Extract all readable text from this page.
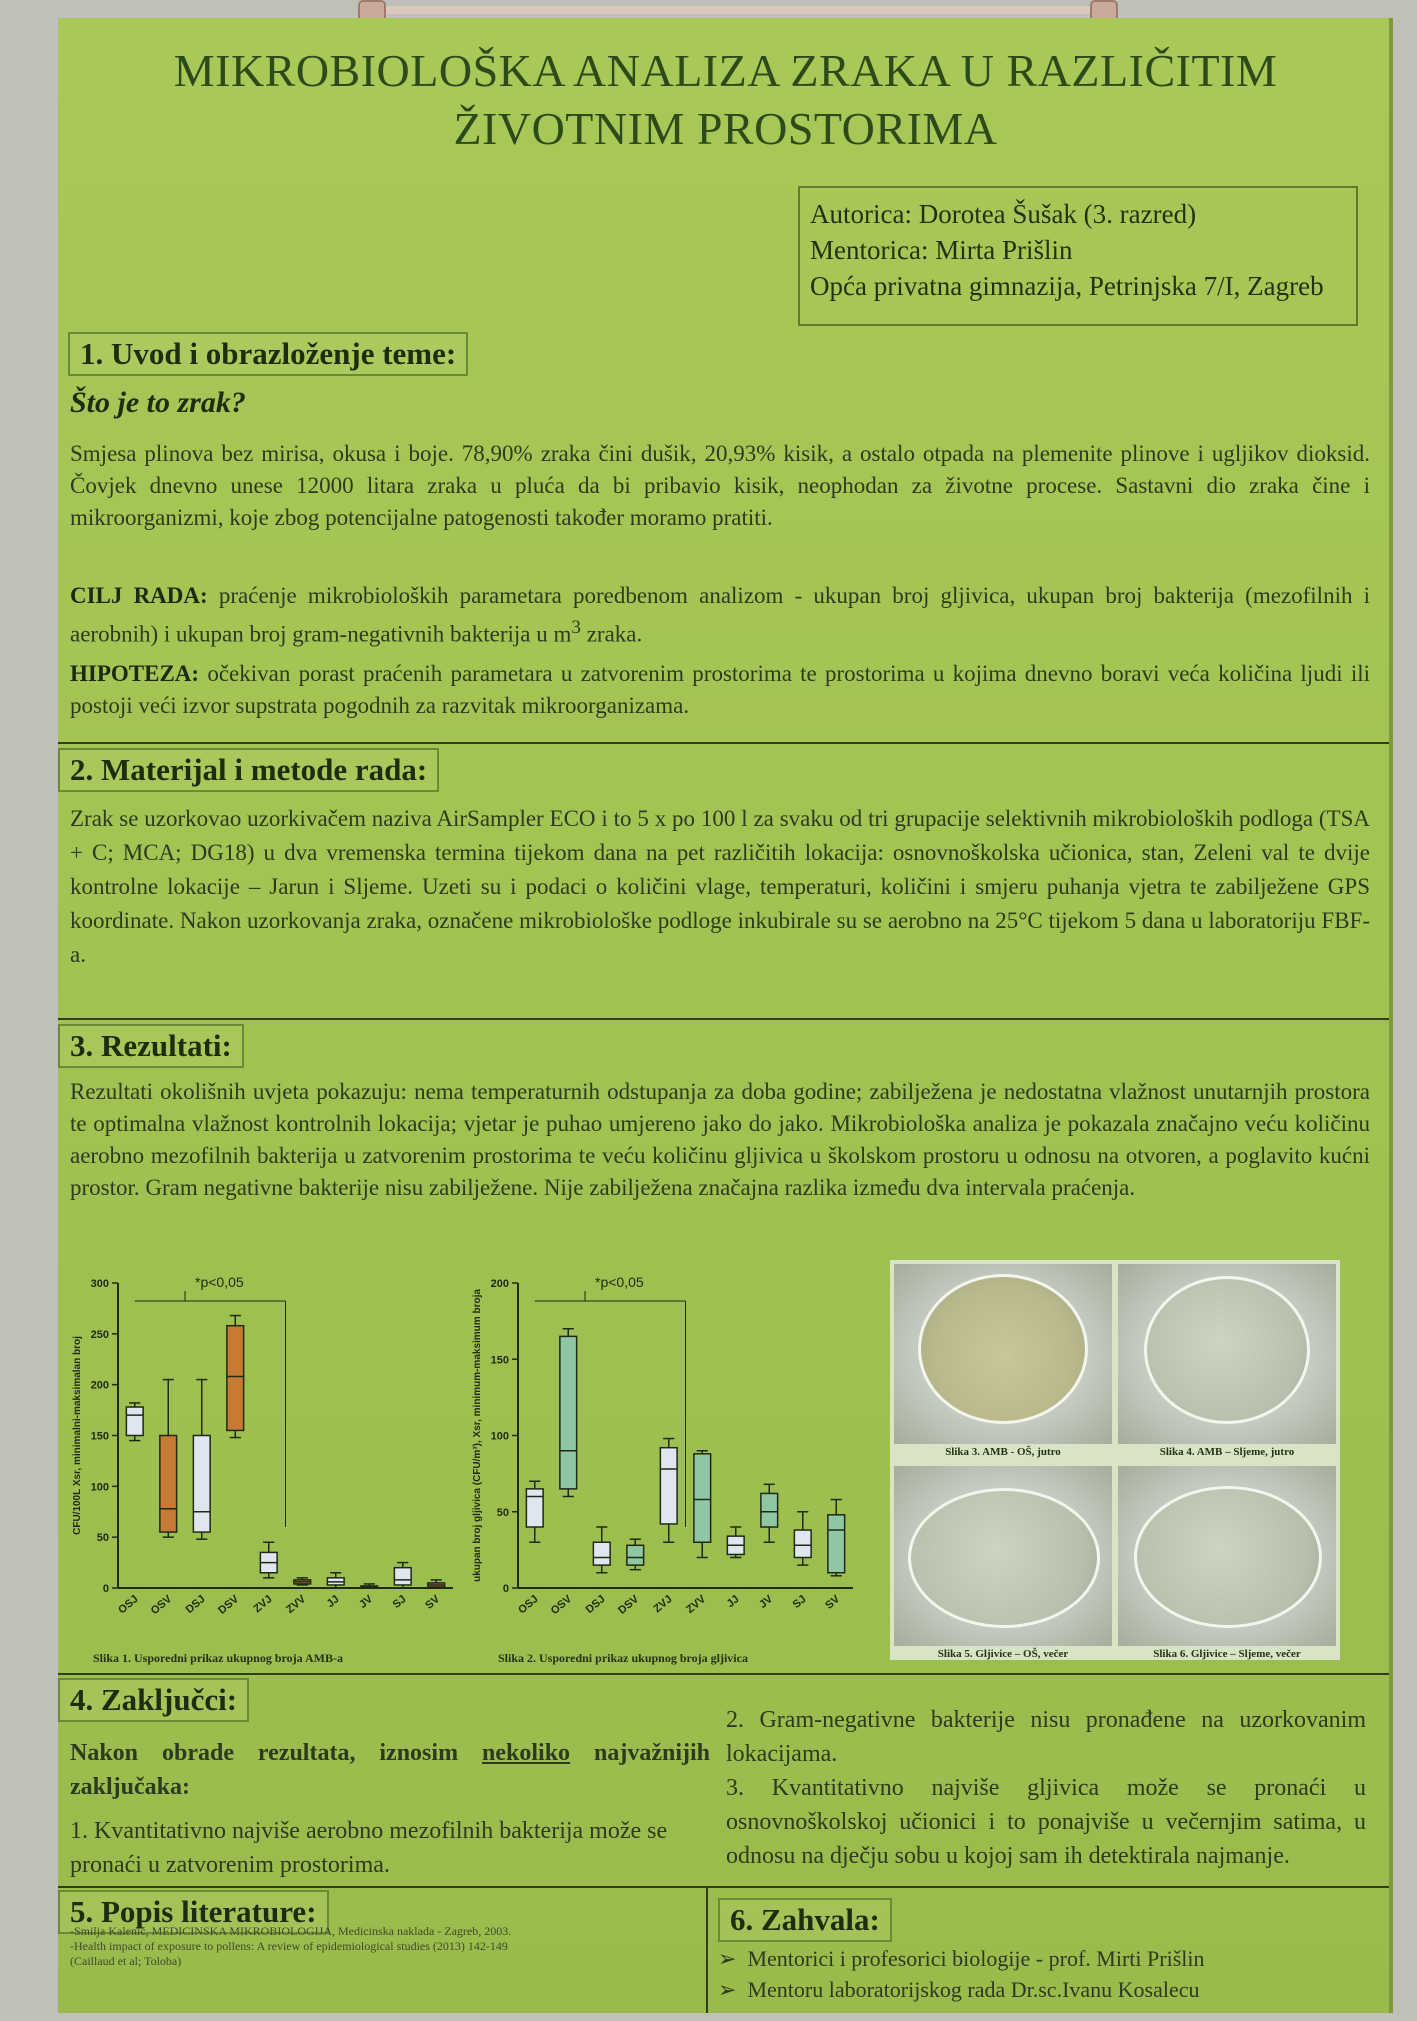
MIKROBIOLOŠKA ANALIZA ZRAKA U RAZLIČITIM
ŽIVOTNIM PROSTORIMA
Autorica: Dorotea Šušak (3. razred)
Mentorica: Mirta Prišlin
Opća privatna gimnazija, Petrinjska 7/I, Zagreb
1. Uvod i obrazloženje teme:
Što je to zrak?
Smjesa plinova bez mirisa, okusa i boje. 78,90% zraka čini dušik, 20,93% kisik, a ostalo otpada na plemenite plinove i ugljikov dioksid. Čovjek dnevno unese 12000 litara zraka u pluća da bi pribavio kisik, neophodan za životne procese. Sastavni dio zraka čine i mikroorganizmi, koje zbog potencijalne patogenosti također moramo pratiti.
CILJ RADA: praćenje mikrobioloških parametara poredbenom analizom - ukupan broj gljivica, ukupan broj bakterija (mezofilnih i aerobnih) i ukupan broj gram-negativnih bakterija u $m^3$ zraka.
HIPOTEZA: očekivan porast praćenih parametara u zatvorenim prostorima te prostorima u kojima dnevno boravi veća količina ljudi ili postoji veći izvor supstrata pogodnih za razvitak mikroorganizama.
2. Materijal i metode rada:
Zrak se uzorkovao uzorkivačem naziva AirSampler ECO i to 5 x po 100 l za svaku od tri grupacije selektivnih mikrobioloških podloga (TSA + C; MCA; DG18) u dva vremenska termina tijekom dana na pet različitih lokacija: osnovnoškolska učionica, stan, Zeleni val te dvije kontrolne lokacije – Jarun i Sljeme. Uzeti su i podaci o količini vlage, temperaturi, količini i smjeru puhanja vjetra te zabilježene GPS koordinate. Nakon uzorkovanja zraka, označene mikrobiološke podloge inkubirale su se aerobno na 25°C tijekom 5 dana u laboratoriju FBF-a.
3. Rezultati:
Rezultati okolišnih uvjeta pokazuju: nema temperaturnih odstupanja za doba godine; zabilježena je nedostatna vlažnost unutarnjih prostora te optimalna vlažnost kontrolnih lokacija; vjetar je puhao umjereno jako do jako. Mikrobiološka analiza je pokazala značajno veću količinu aerobno mezofilnih bakterija u zatvorenim prostorima te veću količinu gljivica u školskom prostoru u odnosu na otvoren, a poglavito kućni prostor. Gram negativne bakterije nisu zabilježene. Nije zabilježena značajna razlika između dva intervala praćenja.
0
50
100
150
200
250
300
CFU/100L Xsr, minimalni-maksimalan broj
OSJ OSV DSJ DSV ZVJ ZVV JJ JV SJ SV
*p<0,05
Slika 1. Usporedni prikaz ukupnog broja AMB-a
0
50
100
150
200
ukupan broj gljivica (CFU/m³), Xsr, minimum-maksimum broja
OSJ OSV DSJ DSV ZVJ ZVV JJ JV SJ SV
*p<0,05
Slika 2. Usporedni prikaz ukupnog broja gljivica
Slika 3. AMB - OŠ, jutro	Slika 4. AMB – Sljeme, jutro
Slika 5. Gljivice – OŠ, večer	Slika 6. Gljivice – Sljeme, večer
4. Zaključci:
Nakon obrade rezultata, iznosim nekoliko najvažnijih zaključaka:
1. Kvantitativno najviše aerobno mezofilnih bakterija može se pronaći u zatvorenim prostorima.
2. Gram-negativne bakterije nisu pronađene na uzorkovanim lokacijama.
3. Kvantitativno najviše gljivica može se pronaći u osnovnoškolskoj učionici i to ponajviše u večernjim satima, u odnosu na dječju sobu u kojoj sam ih detektirala najmanje.
5. Popis literature:
-Smilja Kalenić, MEDICINSKA MIKROBIOLOGIJA, Medicinska naklada - Zagreb, 2003.
-Health impact of exposure to pollens: A review of epidemiological studies (2013) 142-149
(Caillaud et al; Toloba)
6. Zahvala:
➢  Mentorici i profesorici biologije - prof. Mirti Prišlin
➢  Mentoru laboratorijskog rada Dr.sc.Ivanu Kosalecu
